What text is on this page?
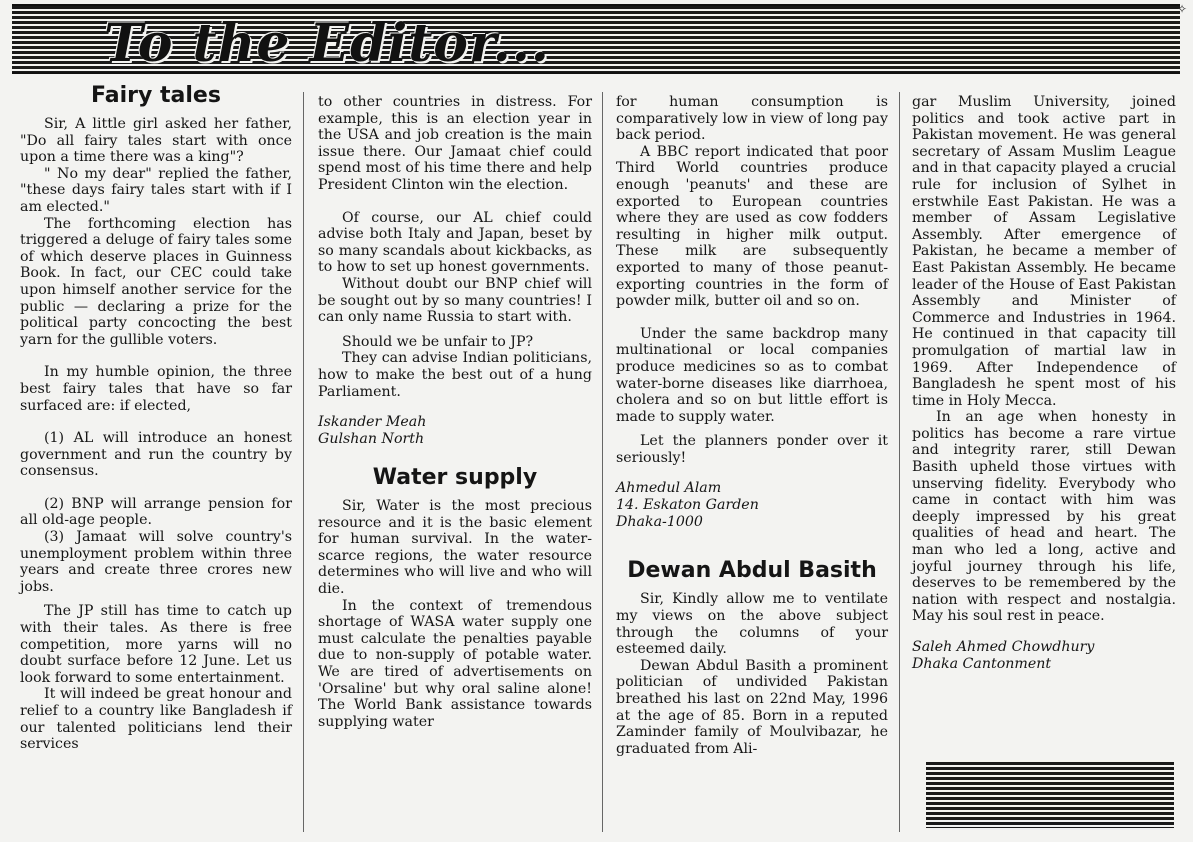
To the Editor...
✧
Fairy tales

Sir, A little girl asked her father, "Do all fairy tales start with once upon a time there was a king"?

" No my dear" replied the father, "these days fairy tales start with if I am elected."

The forthcoming election has triggered a deluge of fairy tales some of which deserve places in Guinness Book. In fact, our CEC could take upon himself another service for the public — declaring a prize for the political party concocting the best yarn for the gullible voters.

In my humble opinion, the three best fairy tales that have so far surfaced are: if elected,

(1) AL will introduce an honest government and run the country by consensus.

(2) BNP will arrange pension for all old-age people.

(3) Jamaat will solve country's unemployment problem within three years and create three crores new jobs.

The JP still has time to catch up with their tales. As there is free competition, more yarns will no doubt surface before 12 June. Let us look forward to some entertainment.

It will indeed be great honour and relief to a country like Bangladesh if our talented politicians lend their services

to other countries in distress. For example, this is an election year in the USA and job creation is the main issue there. Our Jamaat chief could spend most of his time there and help President Clinton win the election.

Of course, our AL chief could advise both Italy and Japan, beset by so many scandals about kickbacks, as to how to set up honest governments.

Without doubt our BNP chief will be sought out by so many countries! I can only name Russia to start with.

Should we be unfair to JP?

They can advise Indian politicians, how to make the best out of a hung Parliament.

Iskander Meah

Gulshan North

Water supply

Sir, Water is the most precious resource and it is the basic element for human survival. In the water-scarce regions, the water resource determines who will live and who will die.

In the context of tremendous shortage of WASA water supply one must calculate the penalties payable due to non-supply of potable water. We are tired of advertisements on 'Orsaline' but why oral saline alone! The World Bank assistance towards supplying water

for human consumption is comparatively low in view of long pay back period.

A BBC report indicated that poor Third World countries produce enough 'peanuts' and these are exported to European countries where they are used as cow fodders resulting in higher milk output. These milk are subsequently exported to many of those peanut-exporting countries in the form of powder milk, butter oil and so on.

Under the same backdrop many multinational or local companies produce medicines so as to combat water-borne diseases like diarrhoea, cholera and so on but little effort is made to supply water.

Let the planners ponder over it seriously!

Ahmedul Alam

14. Eskaton Garden

Dhaka-1000

Dewan Abdul Basith

Sir, Kindly allow me to ventilate my views on the above subject through the columns of your esteemed daily.

Dewan Abdul Basith a prominent politician of undivided Pakistan breathed his last on 22nd May, 1996 at the age of 85. Born in a reputed Zaminder family of Moulvibazar, he graduated from Ali-

gar Muslim University, joined politics and took active part in Pakistan movement. He was general secretary of Assam Muslim League and in that capacity played a crucial rule for inclusion of Sylhet in erstwhile East Pakistan. He was a member of Assam Legislative Assembly. After emergence of Pakistan, he became a member of East Pakistan Assembly. He became leader of the House of East Pakistan Assembly and Minister of Commerce and Industries in 1964. He continued in that capacity till promulgation of martial law in 1969. After Independence of Bangladesh he spent most of his time in Holy Mecca.

In an age when honesty in politics has become a rare virtue and integrity rarer, still Dewan Basith upheld those virtues with unserving fidelity. Everybody who came in contact with him was deeply impressed by his great qualities of head and heart. The man who led a long, active and joyful journey through his life, deserves to be remembered by the nation with respect and nostalgia. May his soul rest in peace.

Saleh Ahmed Chowdhury

Dhaka Cantonment
